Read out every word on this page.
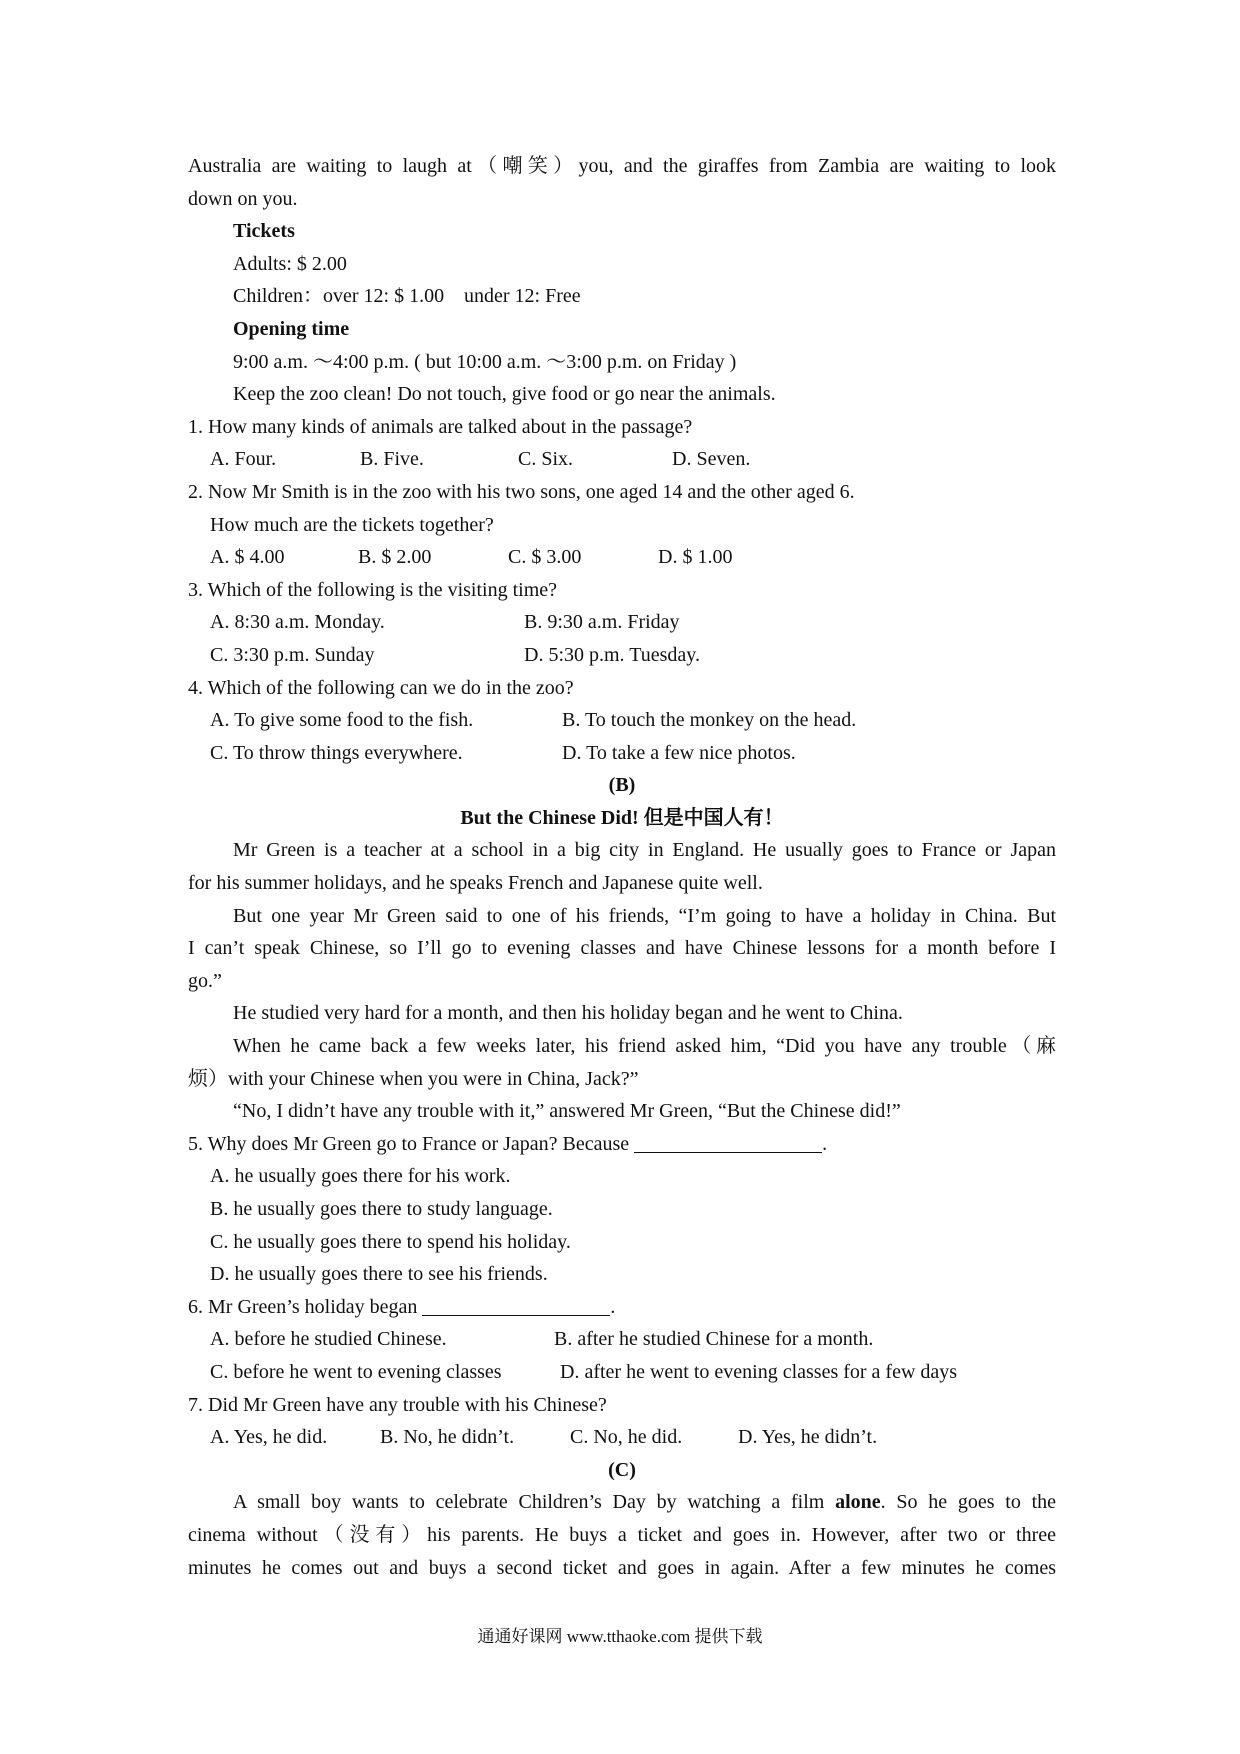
Australia are waiting to laugh at（嘲笑）you, and the giraffes from Zambia are waiting to look
down on you.
Tickets
Adults: $ 2.00
Children：over 12: $ 1.00 under 12: Free
Opening time
9:00 a.m. ～4:00 p.m. ( but 10:00 a.m. ～3:00 p.m. on Friday )
Keep the zoo clean! Do not touch, give food or go near the animals.
1. How many kinds of animals are talked about in the passage?
A. Four.	B. Five.	C. Six.	D. Seven.
2. Now Mr Smith is in the zoo with his two sons, one aged 14 and the other aged 6.
How much are the tickets together?
A. $ 4.00	B. $ 2.00	C. $ 3.00	D. $ 1.00
3. Which of the following is the visiting time?
A. 8:30 a.m. Monday.	B. 9:30 a.m. Friday
C. 3:30 p.m. Sunday	D. 5:30 p.m. Tuesday.
4. Which of the following can we do in the zoo?
A. To give some food to the fish.	B. To touch the monkey on the head.
C. To throw things everywhere.	D. To take a few nice photos.
(B)
But the Chinese Did! 但是中国人有！
Mr Green is a teacher at a school in a big city in England. He usually goes to France or Japan
for his summer holidays, and he speaks French and Japanese quite well.
But one year Mr Green said to one of his friends, “I’m going to have a holiday in China. But
I can’t speak Chinese, so I’ll go to evening classes and have Chinese lessons for a month before I
go.”
He studied very hard for a month, and then his holiday began and he went to China.
When he came back a few weeks later, his friend asked him, “Did you have any trouble（麻
烦）with your Chinese when you were in China, Jack?”
“No, I didn’t have any trouble with it,” answered Mr Green, “But the Chinese did!”
5. Why does Mr Green go to France or Japan? Because	.
A. he usually goes there for his work.
B. he usually goes there to study language.
C. he usually goes there to spend his holiday.
D. he usually goes there to see his friends.
6. Mr Green’s holiday began	.
A. before he studied Chinese.	B. after he studied Chinese for a month.
C. before he went to evening classes	D. after he went to evening classes for a few days
7. Did Mr Green have any trouble with his Chinese?
A. Yes, he did.	B. No, he didn’t.	C. No, he did.	D. Yes, he didn’t.
(C)
A small boy wants to celebrate Children’s Day by watching a film alone. So he goes to the
cinema without（没有）his parents. He buys a ticket and goes in. However, after two or three
minutes he comes out and buys a second ticket and goes in again. After a few minutes he comes
通通好课网 www.tthaoke.com 提供下载
